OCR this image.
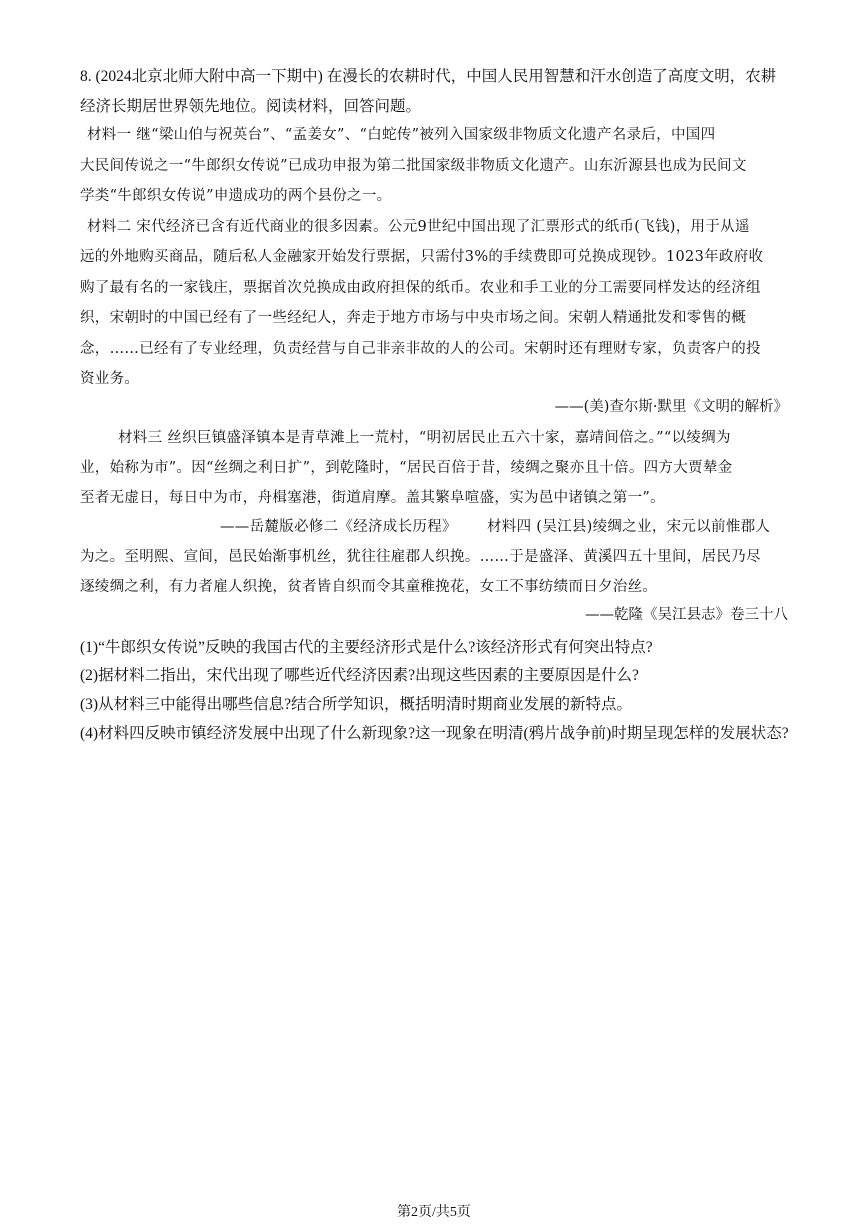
8. (2024北京北师大附中高一下期中) 在漫长的农耕时代，中国人民用智慧和汗水创造了高度文明，农耕
经济长期居世界领先地位。阅读材料，回答问题。
材料一 继“梁山伯与祝英台”、“孟姜女”、“白蛇传”被列入国家级非物质文化遗产名录后，中国四
大民间传说之一“牛郎织女传说”已成功申报为第二批国家级非物质文化遗产。山东沂源县也成为民间文
学类“牛郎织女传说”申遗成功的两个县份之一。
材料二 宋代经济已含有近代商业的很多因素。公元9世纪中国出现了汇票形式的纸币(飞钱)，用于从遥
远的外地购买商品，随后私人金融家开始发行票据，只需付3%的手续费即可兑换成现钞。1023年政府收
购了最有名的一家钱庄，票据首次兑换成由政府担保的纸币。农业和手工业的分工需要同样发达的经济组
织，宋朝时的中国已经有了一些经纪人，奔走于地方市场与中央市场之间。宋朝人精通批发和零售的概
念，……已经有了专业经理，负责经营与自己非亲非故的人的公司。宋朝时还有理财专家，负责客户的投
资业务。
——(美)查尔斯·默里《文明的解析》
材料三 丝织巨镇盛泽镇本是青草滩上一荒村，“明初居民止五六十家，嘉靖间倍之。”“以绫绸为
业，始称为市”。因“丝绸之利日扩”，到乾隆时，“居民百倍于昔，绫绸之聚亦且十倍。四方大贾辇金
至者无虚日，每日中为市，舟楫塞港，街道肩摩。盖其繁阜喧盛，实为邑中诸镇之第一”。
——岳麓版必修二《经济成长历程》 材料四 (吴江县)绫绸之业，宋元以前惟郡人
为之。至明熙、宣间，邑民始渐事机丝，犹往往雇郡人织挽。……于是盛泽、黄溪四五十里间，居民乃尽
逐绫绸之利，有力者雇人织挽，贫者皆自织而令其童稚挽花，女工不事纺绩而日夕治丝。
——乾隆《吴江县志》卷三十八
(1)“牛郎织女传说”反映的我国古代的主要经济形式是什么?该经济形式有何突出特点?
(2)据材料二指出，宋代出现了哪些近代经济因素?出现这些因素的主要原因是什么?
(3)从材料三中能得出哪些信息?结合所学知识，概括明清时期商业发展的新特点。
(4)材料四反映市镇经济发展中出现了什么新现象?这一现象在明清(鸦片战争前)时期呈现怎样的发展状态?
第2页/共5页
